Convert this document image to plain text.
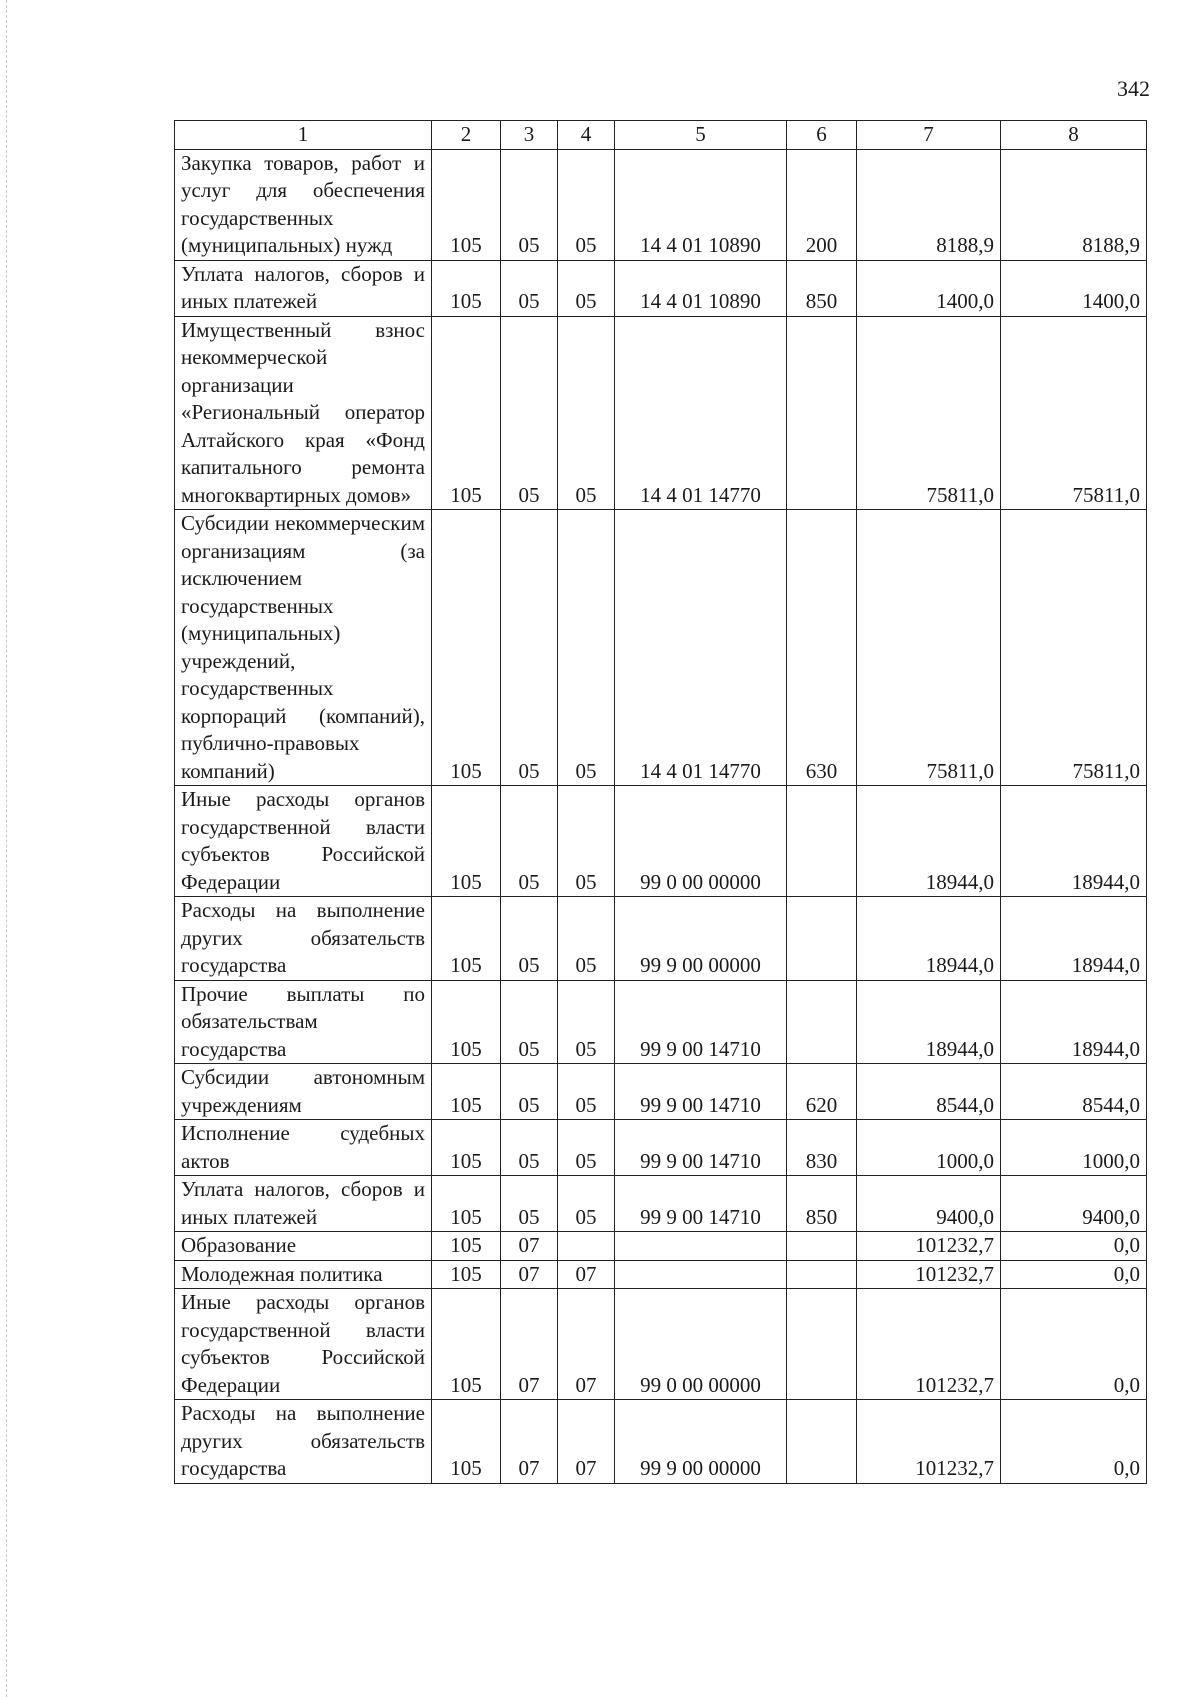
342
1	2	3	4	5	6	7	8
Закупка товаров, работ и услуг для обеспечения государственных (муниципальных) нужд	105	05	05	14 4 01 10890	200	8188,9	8188,9
Уплата налогов, сборов и иных платежей	105	05	05	14 4 01 10890	850	1400,0	1400,0
Имущественный взнос некоммерческой организации «Региональный оператор Алтайского края «Фонд капитального ремонта многоквартирных домов»	105	05	05	14 4 01 14770		75811,0	75811,0
Субсидии некоммерческим организациям (за исключением государственных (муниципальных) учреждений, государственных корпораций (компаний), публично-правовых компаний)	105	05	05	14 4 01 14770	630	75811,0	75811,0
Иные расходы органов государственной власти субъектов Российской Федерации	105	05	05	99 0 00 00000		18944,0	18944,0
Расходы на выполнение других обязательств государства	105	05	05	99 9 00 00000		18944,0	18944,0
Прочие выплаты по обязательствам государства	105	05	05	99 9 00 14710		18944,0	18944,0
Субсидии автономным учреждениям	105	05	05	99 9 00 14710	620	8544,0	8544,0
Исполнение судебных актов	105	05	05	99 9 00 14710	830	1000,0	1000,0
Уплата налогов, сборов и иных платежей	105	05	05	99 9 00 14710	850	9400,0	9400,0
Образование	105	07				101232,7	0,0
Молодежная политика	105	07	07			101232,7	0,0
Иные расходы органов государственной власти субъектов Российской Федерации	105	07	07	99 0 00 00000		101232,7	0,0
Расходы на выполнение других обязательств государства	105	07	07	99 9 00 00000		101232,7	0,0
